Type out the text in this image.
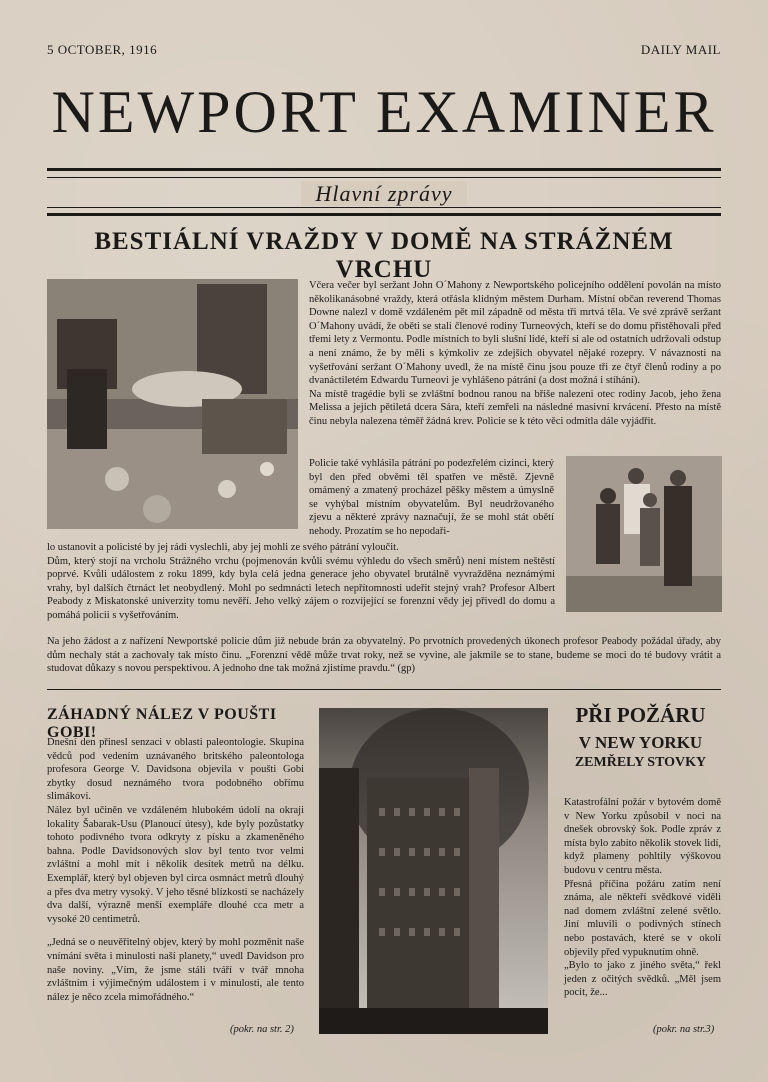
5 OCTOBER, 1916	DAILY MAIL
NEWPORT EXAMINER
Hlavní zprávy
BESTIÁLNÍ VRAŽDY V DOMĚ NA STRÁŽNÉM VRCHU

Včera večer byl seržant John O´Mahony z Newportského policejního oddělení povolán na místo několikanásobné vraždy, která otřásla klidným městem Durham. Místní občan reverend Thomas Downe nalezl v domě vzdáleném pět mil západně od města tři mrtvá těla. Ve své zprávě seržant O´Mahony uvádí, že oběti se stali členové rodiny Turneových, kteří se do domu přistěhovali před třemi lety z Vermontu. Podle místních to byli slušní lidé, kteří si ale od ostatních udržovali odstup a není známo, že by měli s kýmkoliv ze zdejších obyvatel nějaké rozepry. V návaznosti na vyšetřování seržant O´Mahony uvedl, že na místě činu jsou pouze tři ze čtyř členů rodiny a po dvanáctiletém Edwardu Turneovi je vyhlášeno pátrání (a dost možná i stíhání).

Na místě tragédie byli se zvláštní bodnou ranou na břiše nalezeni otec rodiny Jacob, jeho žena Melissa a jejich pětiletá dcera Sára, kteří zemřeli na následné masivní krvácení. Přesto na místě činu nebyla nalezena téměř žádná krev. Policie se k této věci odmítla dále vyjádřit.

Policie také vyhlásila pátrání po podezřelém cizinci, který byl den před obvěmi těl spatřen ve městě. Zjevně omámený a zmatený procházel pěšky městem a úmyslně se vyhýbal místním obyvatelům. Byl neudržovaného zjevu a některé zprávy naznačují, že se mohl stát obětí nehody. Prozatím se ho nepodaři-

lo ustanovit a policisté by jej rádi vyslechli, aby jej mohli ze svého pátrání vyloučit.

Dům, který stojí na vrcholu Strážného vrchu (pojmenován kvůli svému výhledu do všech směrů) není místem neštěstí poprvé. Kvůli událostem z roku 1899, kdy byla celá jedna generace jeho obyvatel brutálně vyvražděna neznámými vrahy, byl dalších čtrnáct let neobydlený. Mohl po sedmnácti letech nepřítomnosti udeřit stejný vrah? Profesor Albert Peabody z Miskatonské univerzity tomu nevěří. Jeho velký zájem o rozvíjející se forenzní vědy jej přivedl do domu a pomáhá policii s vyšetřováním.

Na jeho žádost a z nařízení Newportské policie dům již nebude brán za obyvatelný. Po prvotních provedených úkonech profesor Peabody požádal úřady, aby dům nechaly stát a zachovaly tak místo činu. „Forenzní vědě může trvat roky, než se vyvine, ale jakmile se to stane, budeme se moci do té budovy vrátit a studovat důkazy s novou perspektivou. A jednoho dne tak možná zjistíme pravdu.“ (gp)

ZÁHADNÝ NÁLEZ V POUŠTI GOBI!

Dnešní den přinesl senzaci v oblasti paleontologie. Skupina vědců pod vedením uznávaného britského paleontologa profesora George V. Davidsona objevila v poušti Gobi zbytky dosud neznámého tvora podobného obřímu slimákovi.

Nález byl učiněn ve vzdáleném hlubokém údolí na okraji lokality Šabarak-Usu (Planoucí útesy), kde byly pozůstatky tohoto podivného tvora odkryty z písku a zkameněného bahna. Podle Davidsonových slov byl tento tvor velmi zvláštní a mohl mít i několik desítek metrů na délku. Exemplář, který byl objeven byl circa osmnáct metrů dlouhý a přes dva metry vysoký. V jeho těsné blízkosti se nacházely dva další, výrazně menší exempláře dlouhé cca metr a vysoké 20 centimetrů.

„Jedná se o neuvěřitelný objev, který by mohl pozměnit naše vnímání světa i minulosti naší planety,“ uvedl Davidson pro naše noviny. „Vím, že jsme stáli tváří v tvář mnoha zvláštním i výjimečným událostem i v minulosti, ale tento nález je něco zcela mimořádného.“

(pokr. na str. 2)
PŘI POŽÁRU
V NEW YORKU
ZEMŘELY STOVKY

Katastrofální požár v bytovém domě v New Yorku způsobil v noci na dnešek obrovský šok. Podle zpráv z místa bylo zabito několik stovek lidí, když plameny pohltily výškovou budovu v centru města.

Přesná příčina požáru zatím není známa, ale někteří svědkové viděli nad domem zvláštní zelené světlo. Jiní mluvili o podivných stínech nebo postavách, které se v okolí objevily před vypuknutím ohně.

„Bylo to jako z jiného světa,“ řekl jeden z očitých svědků. „Měl jsem pocit, že...

(pokr. na str.3)
